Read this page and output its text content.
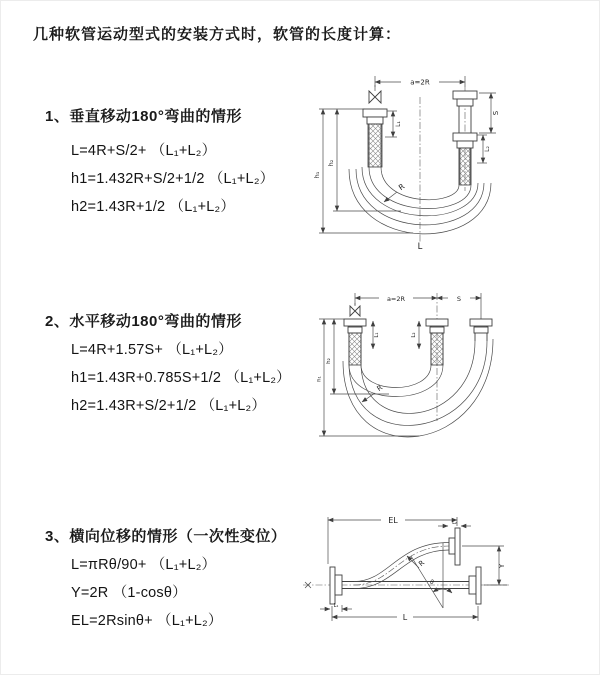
几种软管运动型式的安装方式时，软管的长度计算：
1、垂直移动180°弯曲的情形
L=4R+S/2+ （L₁+L₂）
h1=1.432R+S/2+1/2 （L₁+L₂）
h2=1.43R+1/2 （L₁+L₂）
a=2R
L₁
S
L₂
h₁
h₂
R
L
2、水平移动180°弯曲的情形
L=4R+1.57S+ （L₁+L₂）
h1=1.43R+0.785S+1/2 （L₁+L₂）
h2=1.43R+S/2+1/2 （L₁+L₂）
a=2R	S
L₁	L₂
h₁
h₂
R
3、横向位移的情形（一次性变位）
L=πRθ/90+ （L₁+L₂）
Y=2R （1-cosθ）
EL=2Rsinθ+ （L₁+L₂）
EL	L₂
Y
θ
R
L₁
L
